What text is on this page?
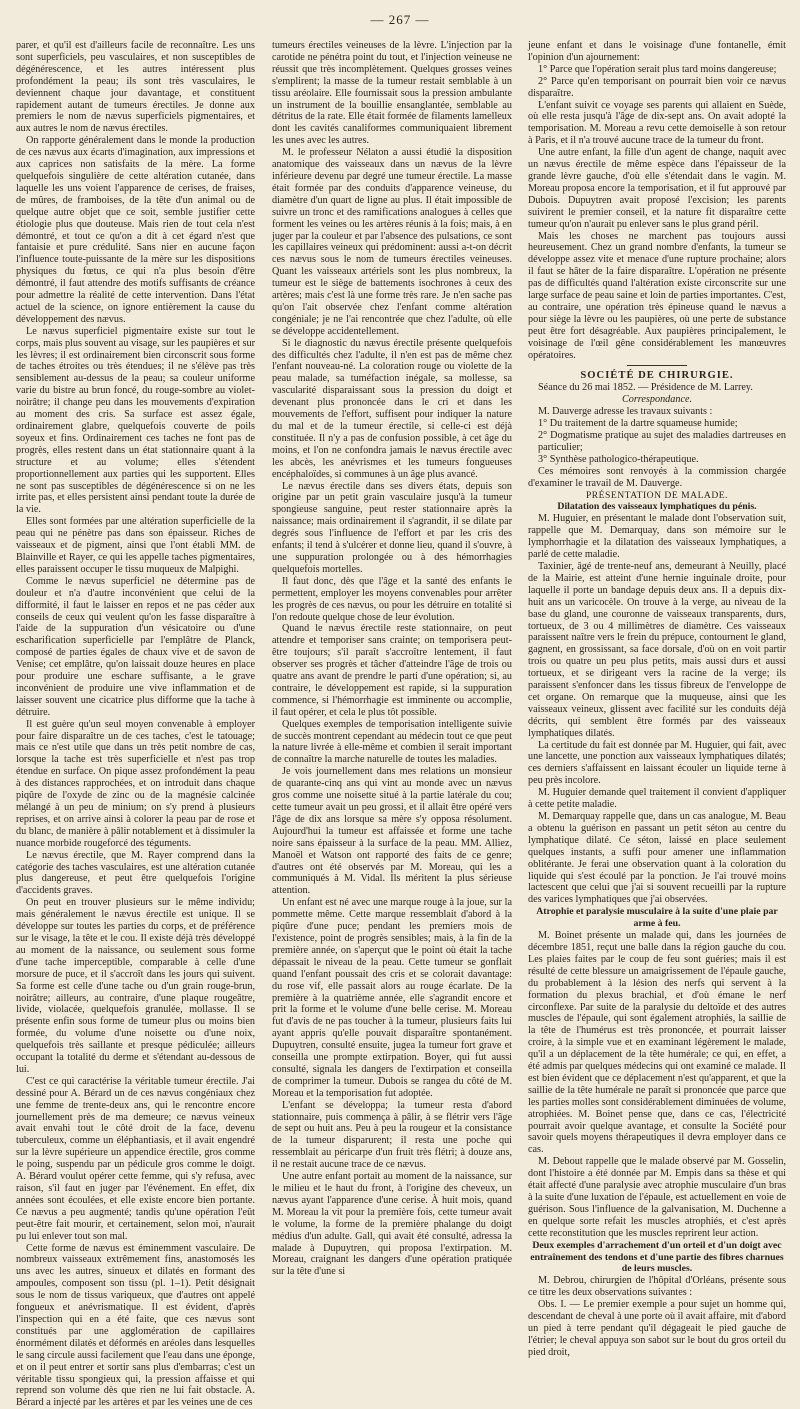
— 267 —

parer, et qu'il est d'ailleurs facile de reconnaître. Les uns sont superficiels, peu vasculaires, et non susceptibles de dégénérescence, et les autres intéressent plus profondément la peau; ils sont très vasculaires, le deviennent chaque jour davantage, et constituent rapidement autant de tumeurs érectiles. Je donne aux premiers le nom de nævus superficiels pigmentaires, et aux autres le nom de nævus érectiles.

On rapporte généralement dans le monde la production de ces nævus aux écarts d'imagination, aux impressions et aux caprices non satisfaits de la mère. La forme quelquefois singulière de cette altération cutanée, dans laquelle les uns voient l'apparence de cerises, de fraises, de mûres, de framboises, de la tête d'un animal ou de quelque autre objet que ce soit, semble justifier cette étiologie plus que douteuse. Mais rien de tout cela n'est démontré, et tout ce qu'on a dit à cet égard n'est que fantaisie et pure crédulité. Sans nier en aucune façon l'influence toute-puissante de la mère sur les dispositions physiques du fœtus, ce qui n'a plus besoin d'être démontré, il faut attendre des motifs suffisants de créance pour admettre la réalité de cette intervention. Dans l'état actuel de la science, on ignore entièrement la cause du développement des nævus.

Le nævus superficiel pigmentaire existe sur tout le corps, mais plus souvent au visage, sur les paupières et sur les lèvres; il est ordinairement bien circonscrit sous forme de taches étroites ou très étendues; il ne s'élève pas très sensiblement au-dessus de la peau; sa couleur uniforme varie du bistre au brun foncé, du rouge-sombre au violet-noirâtre; il change peu dans les mouvements d'expiration au moment des cris. Sa surface est assez égale, ordinairement glabre, quelquefois couverte de poils soyeux et fins. Ordinairement ces taches ne font pas de progrès, elles restent dans un état stationnaire quant à la structure et au volume; elles s'étendent proportionnellement aux parties qui les supportent. Elles ne sont pas susceptibles de dégénérescence si on ne les irrite pas, et elles persistent ainsi pendant toute la durée de la vie.

Elles sont formées par une altération superficielle de la peau qui ne pénètre pas dans son épaisseur. Riches de vaisseaux et de pigment, ainsi que l'ont établi MM. de Blainville et Rayer, ce qui les appelle taches pigmentaires, elles paraissent occuper le tissu muqueux de Malpighi.

Comme le nævus superficiel ne détermine pas de douleur et n'a d'autre inconvénient que celui de la difformité, il faut le laisser en repos et ne pas céder aux conseils de ceux qui veulent qu'on les fasse disparaître à l'aide de la suppuration d'un vésicatoire ou d'une escharification superficielle par l'emplâtre de Planck, composé de parties égales de chaux vive et de savon de Venise; cet emplâtre, qu'on laissait douze heures en place pour produire une eschare suffisante, a le grave inconvénient de produire une vive inflammation et de laisser souvent une cicatrice plus difforme que la tache à détruire.

Il est guère qu'un seul moyen convenable à employer pour faire disparaître un de ces taches, c'est le tatouage; mais ce n'est utile que dans un très petit nombre de cas, lorsque la tache est très superficielle et n'est pas trop étendue en surface. On pique assez profondément la peau à des distances rapprochées, et on introduit dans chaque piqûre de l'oxyde de zinc ou de la magnésie calcinée mélangé à un peu de minium; on s'y prend à plusieurs reprises, et on arrive ainsi à colorer la peau par de rose et du blanc, de manière à pâlir notablement et à dissimuler la nuance morbide rougeforcé des téguments.

Le nævus érectile, que M. Rayer comprend dans la catégorie des taches vasculaires, est une altération cutanée plus dangereuse, et peut être quelquefois l'origine d'accidents graves.

On peut en trouver plusieurs sur le même individu; mais généralement le nævus érectile est unique. Il se développe sur toutes les parties du corps, et de préférence sur le visage, la tête et le cou. Il existe déjà très développé au moment de la naissance, ou seulement sous forme d'une tache imperceptible, comparable à celle d'une morsure de puce, et il s'accroît dans les jours qui suivent. Sa forme est celle d'une tache ou d'un grain rouge-brun, noirâtre; ailleurs, au contraire, d'une plaque rougeâtre, livide, violacée, quelquefois granulée, mollasse. Il se présente enfin sous forme de tumeur plus ou moins bien formée, du volume d'une noisette ou d'une noix, quelquefois très saillante et presque pédiculée; ailleurs occupant la totalité du derme et s'étendant au-dessous de lui.

C'est ce qui caractérise la véritable tumeur érectile. J'ai dessiné pour A. Bérard un de ces nævus congéniaux chez une femme de trente-deux ans, qui le rencontre encore journellement près de ma demeure; ce nævus veineux avait envahi tout le côté droit de la face, devenu tuberculeux, comme un éléphantiasis, et il avait engendré sur la lèvre supérieure un appendice érectile, gros comme le poing, suspendu par un pédicule gros comme le doigt. A. Bérard voulut opérer cette femme, qui s'y refusa, avec raison, s'il faut en juger par l'événement. En effet, dix années sont écoulées, et elle existe encore bien portante. Ce nævus a peu augmenté; tandis qu'une opération l'eût peut-être fait mourir, et certainement, selon moi, n'aurait pu lui enlever tout son mal.

Cette forme de nævus est éminemment vasculaire. De nombreux vaisseaux extrêmement fins, anastomosés les uns avec les autres, sinueux et dilatés en formant des ampoules, composent son tissu (pl. 1–1). Petit désignait sous le nom de tissus variqueux, que d'autres ont appelé fongueux et anévrismatique. Il est évident, d'après l'inspection qui en a été faite, que ces nævus sont constitués par une agglomération de capillaires énormément dilatés et déformés en aréoles dans lesquelles le sang circule aussi facilement que l'eau dans une éponge, et on il peut entrer et sortir sans plus d'embarras; c'est un véritable tissu spongieux qui, la pression affaisse et qui reprend son volume dès que rien ne lui fait obstacle. A. Bérard a injecté par les artères et par les veines une de ces

tumeurs érectiles veineuses de la lèvre. L'injection par la carotide ne pénétra point du tout, et l'injection veineuse ne réussit que très incomplètement. Quelques grosses veines s'emplirent; la masse de la tumeur restait semblable à un tissu aréolaire. Elle fournissait sous la pression ambulante un instrument de la bouillie ensanglantée, semblable au détritus de la rate. Elle était formée de filaments lamelleux dont les cavités canaliformes communiquaient librement les unes avec les autres.

M. le professeur Nélaton a aussi étudié la disposition anatomique des vaisseaux dans un nævus de la lèvre inférieure devenu par degré une tumeur érectile. La masse était formée par des conduits d'apparence veineuse, du diamètre d'un quart de ligne au plus. Il était impossible de suivre un tronc et des ramifications analogues à celles que forment les veines ou les artères réunis à la fois; mais, à en juger par la couleur et par l'absence des pulsations, ce sont les capillaires veineux qui prédominent: aussi a-t-on décrit ces nævus sous le nom de tumeurs érectiles veineuses. Quant les vaisseaux artériels sont les plus nombreux, la tumeur est le siège de battements isochrones à ceux des artères; mais c'est là une forme très rare. Je n'en sache pas qu'on l'ait observée chez l'enfant comme altération congéniale; je ne l'ai rencontrée que chez l'adulte, où elle se développe accidentellement.

Si le diagnostic du nævus érectile présente quelquefois des difficultés chez l'adulte, il n'en est pas de même chez l'enfant nouveau-né. La coloration rouge ou violette de la peau malade, sa tuméfaction inégale, sa mollesse, sa vascularité disparaissant sous la pression du doigt et devenant plus prononcée dans le cri et dans les mouvements de l'effort, suffisent pour indiquer la nature du mal et de la tumeur érectile, si celle-ci est déjà constituée. Il n'y a pas de confusion possible, à cet âge du moins, et l'on ne confondra jamais le nævus érectile avec les abcès, les anévrismes et les tumeurs fongueuses encéphaloïdes, si communes à un âge plus avancé.

Le nævus érectile dans ses divers états, depuis son origine par un petit grain vasculaire jusqu'à la tumeur spongieuse sanguine, peut rester stationnaire après la naissance; mais ordinairement il s'agrandit, il se dilate par degrés sous l'influence de l'effort et par les cris des enfants; il tend à s'ulcérer et donne lieu, quand il s'ouvre, à une suppuration prolongée ou à des hémorrhagies quelquefois mortelles.

Il faut donc, dès que l'âge et la santé des enfants le permettent, employer les moyens convenables pour arrêter les progrès de ces nævus, ou pour les détruire en totalité si l'on redoute quelque chose de leur évolution.

Quand le nævus érectile reste stationnaire, on peut attendre et temporiser sans crainte; on temporisera peut-être toujours; s'il paraît s'accroître lentement, il faut observer ses progrès et tâcher d'atteindre l'âge de trois ou quatre ans avant de prendre le parti d'une opération; si, au contraire, le développement est rapide, si la suppuration commence, si l'hémorrhagie est imminente ou accomplie, il faut opérer, et cela le plus tôt possible.

Quelques exemples de temporisation intelligente suivie de succès montrent cependant au médecin tout ce que peut la nature livrée à elle-même et combien il serait important de connaître la marche naturelle de toutes les maladies.

Je vois journellement dans mes relations un monsieur de quarante-cinq ans qui vint au monde avec un nævus gros comme une noisette situé à la partie latérale du cou; cette tumeur avait un peu grossi, et il allait être opéré vers l'âge de dix ans lorsque sa mère s'y opposa résolument. Aujourd'hui la tumeur est affaissée et forme une tache noire sans épaisseur à la surface de la peau. MM. Alliez, Manoël et Watson ont rapporté des faits de ce genre; d'autres ont été observés par M. Moreau, qui les a communiqués à M. Vidal. Ils méritent la plus sérieuse attention.

Un enfant est né avec une marque rouge à la joue, sur la pommette même. Cette marque ressemblait d'abord à la piqûre d'une puce; pendant les premiers mois de l'existence, point de progrès sensibles; mais, à la fin de la première année, on s'aperçut que le point où était la tache dépassait le niveau de la peau. Cette tumeur se gonflait quand l'enfant poussait des cris et se colorait davantage: du rose vif, elle passait alors au rouge écarlate. De la première à la quatrième année, elle s'agrandit encore et prit la forme et le volume d'une belle cerise. M. Moreau fut d'avis de ne pas toucher à la tumeur, plusieurs faits lui ayant appris qu'elle pouvait disparaître spontanément. Dupuytren, consulté ensuite, jugea la tumeur fort grave et conseilla une prompte extirpation. Boyer, qui fut aussi consulté, signala les dangers de l'extirpation et conseilla de comprimer la tumeur. Dubois se rangea du côté de M. Moreau et la temporisation fut adoptée.

L'enfant se développa; la tumeur resta d'abord stationnaire, puis commença à pâlir, à se flétrir vers l'âge de sept ou huit ans. Peu à peu la rougeur et la consistance de la tumeur disparurent; il resta une poche qui ressemblait au péricarpe d'un fruit très flétri; à douze ans, il ne restait aucune trace de ce nævus.

Une autre enfant portait au moment de la naissance, sur le milieu et le haut du front, à l'origine des cheveux, un nævus ayant l'apparence d'une cerise. À huit mois, quand M. Moreau la vit pour la première fois, cette tumeur avait le volume, la forme de la première phalange du doigt médius d'un adulte. Gall, qui avait été consulté, adressa la malade à Dupuytren, qui proposa l'extirpation. M. Moreau, craignant les dangers d'une opération pratiquée sur la tête d'une si

jeune enfant et dans le voisinage d'une fontanelle, émit l'opinion d'un ajournement:

1° Parce que l'opération serait plus tard moins dangereuse;

2° Parce qu'en temporisant on pourrait bien voir ce nævus disparaître.

L'enfant suivit ce voyage ses parents qui allaient en Suède, où elle resta jusqu'à l'âge de dix-sept ans. On avait adopté la temporisation. M. Moreau a revu cette demoiselle à son retour à Paris, et il n'a trouvé aucune trace de la tumeur du front.

Une autre enfant, la fille d'un agent de change, naquit avec un nævus érectile de même espèce dans l'épaisseur de la grande lèvre gauche, d'où elle s'étendait dans le vagin. M. Moreau proposa encore la temporisation, et il fut approuvé par Dubois. Dupuytren avait proposé l'excision; les parents suivirent le premier conseil, et la nature fit disparaître cette tumeur qu'on n'aurait pu enlever sans le plus grand péril.

Mais les choses ne marchent pas toujours aussi heureusement. Chez un grand nombre d'enfants, la tumeur se développe assez vite et menace d'une rupture prochaine; alors il faut se hâter de la faire disparaître. L'opération ne présente pas de difficultés quand l'altération existe circonscrite sur une large surface de peau saine et loin de parties importantes. C'est, au contraire, une opération très épineuse quand le nævus a pour siège la lèvre ou les paupières, où une perte de substance peut être fort désagréable. Aux paupières principalement, le voisinage de l'œil gêne considérablement les manœuvres opératoires.

SOCIÉTÉ DE CHIRURGIE.

Séance du 26 mai 1852. — Présidence de M. Larrey.

Correspondance.

M. Dauverge adresse les travaux suivants :

1° Du traitement de la dartre squameuse humide;

2° Dogmatisme pratique au sujet des maladies dartreuses en particulier;

3° Synthèse pathologico-thérapeutique.

Ces mémoires sont renvoyés à la commission chargée d'examiner le travail de M. Dauverge.

PRÉSENTATION DE MALADE.

Dilatation des vaisseaux lymphatiques du pénis.

M. Huguier, en présentant le malade dont l'observation suit, rappelle que M. Demarquay, dans son mémoire sur le lymphorrhagie et la dilatation des vaisseaux lymphatiques, a parlé de cette maladie.

Taxinier, âgé de trente-neuf ans, demeurant à Neuilly, placé de la Mairie, est atteint d'une hernie inguinale droite, pour laquelle il porte un bandage depuis deux ans. Il a depuis dix-huit ans un varicocèle. On trouve à la verge, au niveau de la base du gland, une couronne de vaisseaux transparents, durs, tortueux, de 3 ou 4 millimètres de diamètre. Ces vaisseaux paraissent naître vers le frein du prépuce, contournent le gland, gagnent, en grossissant, sa face dorsale, d'où on en voit partir trois ou quatre un peu plus petits, mais aussi durs et aussi tortueux, et se dirigeant vers la racine de la verge; ils paraissent s'enfoncer dans les tissus fibreux de l'enveloppe de cet organe. On remarque que la muqueuse, ainsi que les vaisseaux veineux, glissent avec facilité sur les conduits déjà décrits, qui semblent être formés par des vaisseaux lymphatiques dilatés.

La certitude du fait est donnée par M. Huguier, qui fait, avec une lancette, une ponction aux vaisseaux lymphatiques dilatés; ces derniers s'affaissent en laissant écouler un liquide terne à peu près incolore.

M. Huguier demande quel traitement il convient d'appliquer à cette petite maladie.

M. Demarquay rappelle que, dans un cas analogue, M. Beau a obtenu la guérison en passant un petit séton au centre du lymphatique dilaté. Ce séton, laissé en place seulement quelques instants, a suffi pour amener une inflammation oblitérante. Je ferai une observation quant à la coloration du liquide qui s'est écoulé par la ponction. Je l'ai trouvé moins lactescent que celui que j'ai si souvent recueilli par la rupture des varices lymphatiques que j'ai observées.

Atrophie et paralysie musculaire à la suite d'une plaie par arme à feu.

M. Boinet présente un malade qui, dans les journées de décembre 1851, reçut une balle dans la région gauche du cou. Les plaies faites par le coup de feu sont guéries; mais il est résulté de cette blessure un amaigrissement de l'épaule gauche, du probablement à la lésion des nerfs qui servent à la formation du plexus brachial, et d'où émane le nerf circonflexe. Par suite de la paralysie du deltoïde et des autres muscles de l'épaule, qui sont également atrophiés, la saillie de la tête de l'humérus est très prononcée, et pourrait laisser croire, à la simple vue et en examinant légèrement le malade, qu'il a un déplacement de la tête humérale; ce qui, en effet, a été admis par quelques médecins qui ont examiné ce malade. Il est bien évident que ce déplacement n'est qu'apparent, et que la saillie de la tête humérale ne paraît si prononcée que parce que les parties molles sont considérablement diminuées de volume, atrophiées. M. Boinet pense que, dans ce cas, l'électricité pourrait avoir quelque avantage, et consulte la Société pour savoir quels moyens thérapeutiques il devra employer dans ce cas.

M. Debout rappelle que le malade observé par M. Gosselin, dont l'histoire a été donnée par M. Empis dans sa thèse et qui était affecté d'une paralysie avec atrophie musculaire d'un bras à la suite d'une luxation de l'épaule, est actuellement en voie de guérison. Sous l'influence de la galvanisation, M. Duchenne a en quelque sorte refait les muscles atrophiés, et c'est après cette reconstitution que les muscles reprirent leur action.

Deux exemples d'arrachement d'un orteil et d'un doigt avec entraînement des tendons et d'une partie des fibres charnues de leurs muscles.

M. Debrou, chirurgien de l'hôpital d'Orléans, présente sous ce titre les deux observations suivantes :

Obs. I. — Le premier exemple a pour sujet un homme qui, descendant de cheval à une porte où il avait affaire, mit d'abord un pied à terre pendant qu'il dégageait le pied gauche de l'étrier; le cheval appuya son sabot sur le bout du gros orteil du pied droit,
